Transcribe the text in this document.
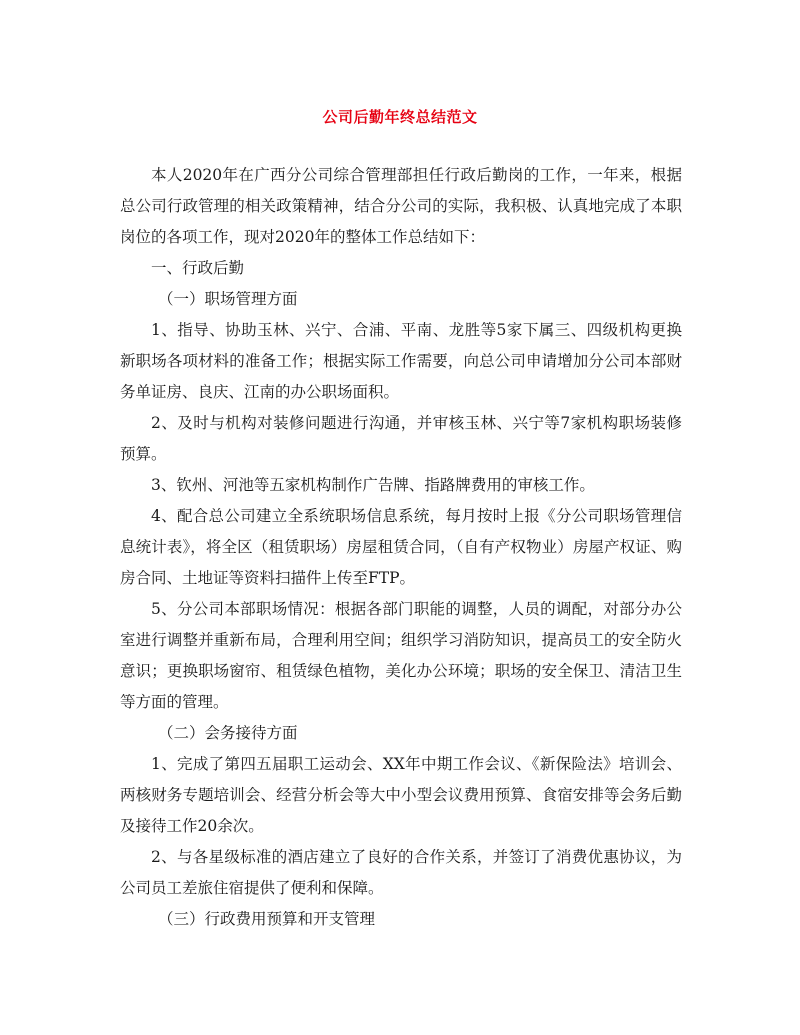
公司后勤年终总结范文

本人2020年在广西分公司综合管理部担任行政后勤岗的工作，一年来，根据总公司行政管理的相关政策精神，结合分公司的实际，我积极、认真地完成了本职岗位的各项工作，现对2020年的整体工作总结如下：

一、行政后勤

（一）职场管理方面

1、指导、协助玉林、兴宁、合浦、平南、龙胜等5家下属三、四级机构更换新职场各项材料的准备工作；根据实际工作需要，向总公司申请增加分公司本部财务单证房、良庆、江南的办公职场面积。

2、及时与机构对装修问题进行沟通，并审核玉林、兴宁等7家机构职场装修预算。

3、钦州、河池等五家机构制作广告牌、指路牌费用的审核工作。

4、配合总公司建立全系统职场信息系统，每月按时上报《分公司职场管理信息统计表》，将全区（租赁职场）房屋租赁合同，（自有产权物业）房屋产权证、购房合同、土地证等资料扫描件上传至FTP。

5、分公司本部职场情况：根据各部门职能的调整，人员的调配，对部分办公室进行调整并重新布局，合理利用空间；组织学习消防知识，提高员工的安全防火意识；更换职场窗帘、租赁绿色植物，美化办公环境；职场的安全保卫、清洁卫生等方面的管理。

（二）会务接待方面

1、完成了第四五届职工运动会、XX年中期工作会议、《新保险法》培训会、两核财务专题培训会、经营分析会等大中小型会议费用预算、食宿安排等会务后勤及接待工作20余次。

2、与各星级标准的酒店建立了良好的合作关系，并签订了消费优惠协议，为公司员工差旅住宿提供了便利和保障。

（三）行政费用预算和开支管理
